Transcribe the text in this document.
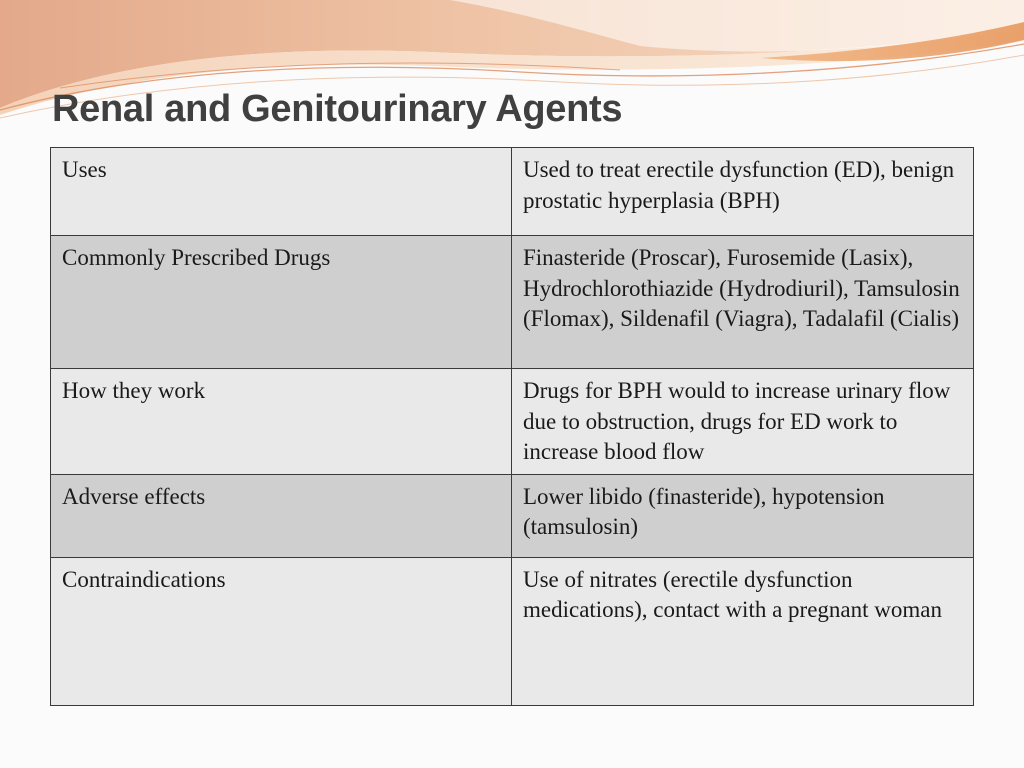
Renal and Genitourinary Agents
Uses	Used to treat erectile dysfunction (ED), benign prostatic hyperplasia (BPH)
Commonly Prescribed Drugs	Finasteride (Proscar), Furosemide (Lasix), Hydrochlorothiazide (Hydrodiuril), Tamsulosin (Flomax), Sildenafil (Viagra), Tadalafil (Cialis)
How they work	Drugs for BPH would to increase urinary flow due to obstruction, drugs for ED work to increase blood flow
Adverse effects	Lower libido (finasteride), hypotension (tamsulosin)
Contraindications	Use of nitrates (erectile dysfunction medications), contact with a pregnant woman
